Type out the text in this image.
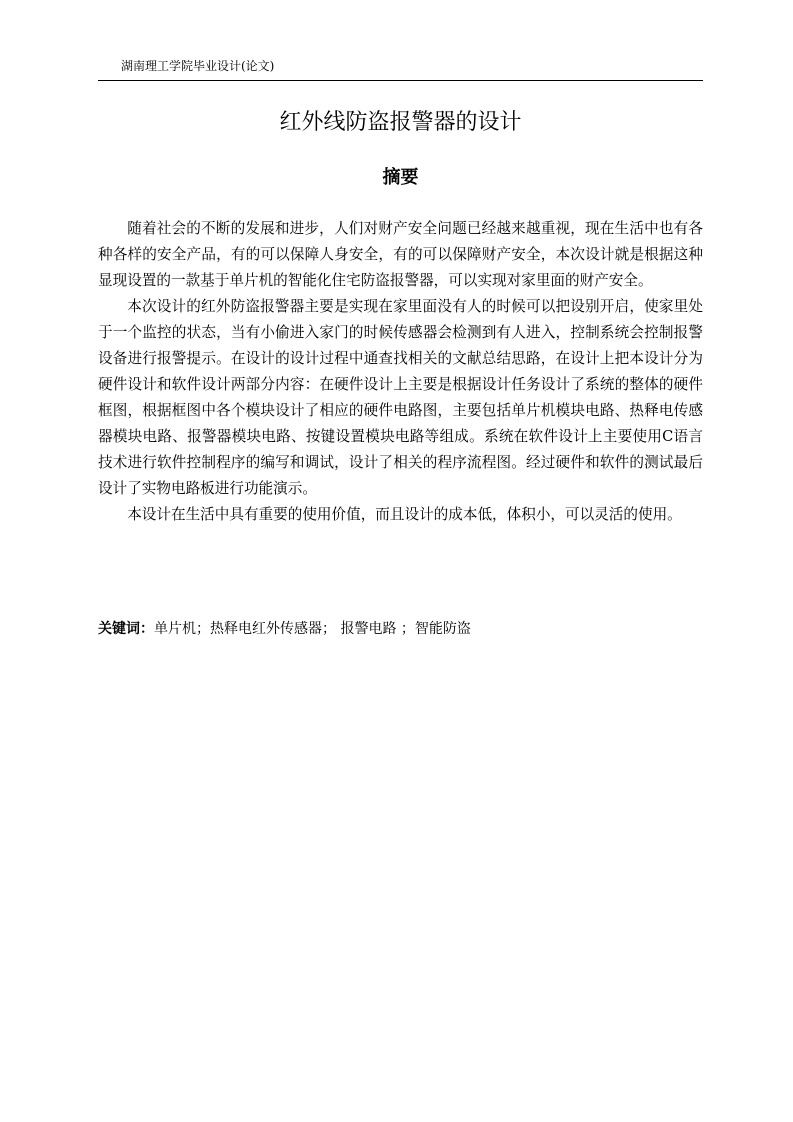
湖南理工学院毕业设计(论文)
红外线防盗报警器的设计
摘要

随着社会的不断的发展和进步，人们对财产安全问题已经越来越重视，现在生活中也有各种各样的安全产品，有的可以保障人身安全，有的可以保障财产安全，本次设计就是根据这种显现设置的一款基于单片机的智能化住宅防盗报警器，可以实现对家里面的财产安全。

本次设计的红外防盗报警器主要是实现在家里面没有人的时候可以把设别开启，使家里处于一个监控的状态，当有小偷进入家门的时候传感器会检测到有人进入，控制系统会控制报警设备进行报警提示。在设计的设计过程中通查找相关的文献总结思路，在设计上把本设计分为硬件设计和软件设计两部分内容：在硬件设计上主要是根据设计任务设计了系统的整体的硬件框图，根据框图中各个模块设计了相应的硬件电路图，主要包括单片机模块电路、热释电传感器模块电路、报警器模块电路、按键设置模块电路等组成。系统在软件设计上主要使用C语言技术进行软件控制程序的编写和调试，设计了相关的程序流程图。经过硬件和软件的测试最后设计了实物电路板进行功能演示。

本设计在生活中具有重要的使用价值，而且设计的成本低，体积小，可以灵活的使用。

关键词：单片机；热释电红外传感器； 报警电路 ；智能防盗
